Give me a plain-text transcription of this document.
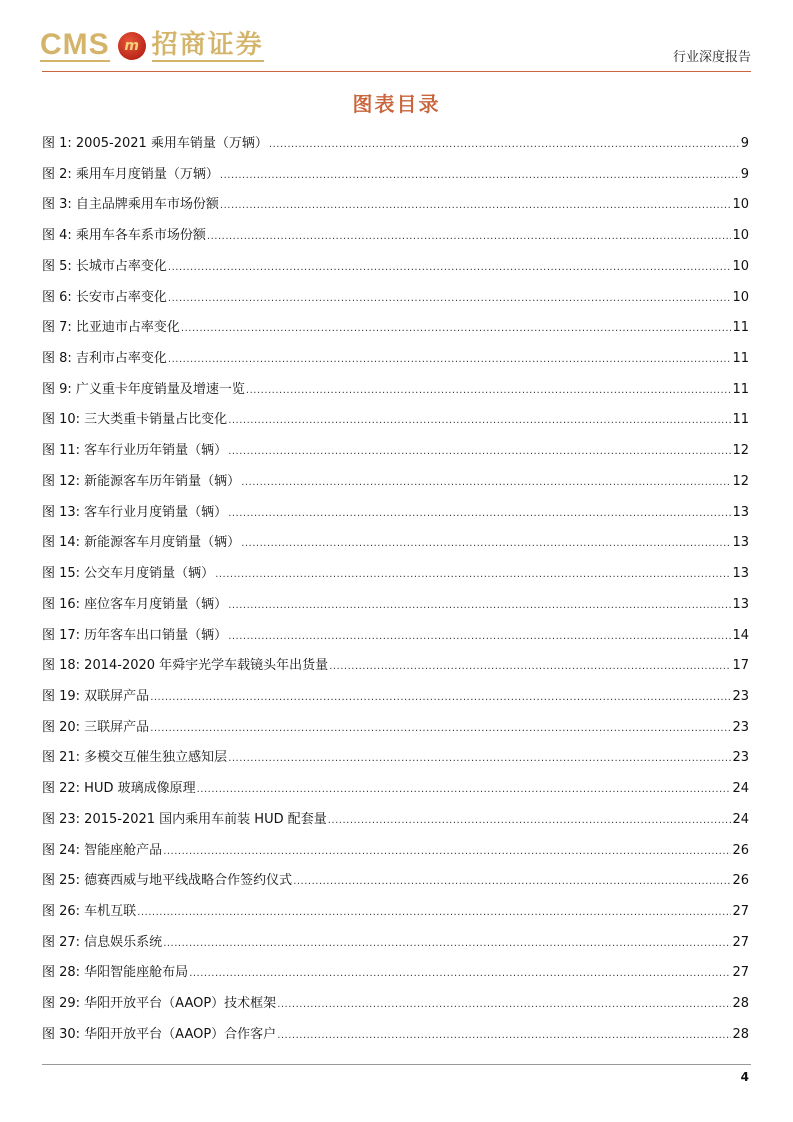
CMS	m 招商证券	行业深度报告
图表目录
图 1: 2005-2021 乘用车销量（万辆） .....	9
图 2: 乘用车月度销量（万辆） .....	9
图 3: 自主品牌乘用车市场份额 .....	10
图 4: 乘用车各车系市场份额 .....	10
图 5: 长城市占率变化 .....	10
图 6: 长安市占率变化 .....	10
图 7: 比亚迪市占率变化 .....	11
图 8: 吉利市占率变化 .....	11
图 9: 广义重卡年度销量及增速一览 .....	11
图 10: 三大类重卡销量占比变化 .....	11
图 11: 客车行业历年销量（辆） .....	12
图 12: 新能源客车历年销量（辆） .....	12
图 13: 客车行业月度销量（辆） .....	13
图 14: 新能源客车月度销量（辆） .....	13
图 15: 公交车月度销量（辆） .....	13
图 16: 座位客车月度销量（辆） .....	13
图 17: 历年客车出口销量（辆） .....	14
图 18: 2014-2020 年舜宇光学车载镜头年出货量 .....	17
图 19: 双联屏产品 .....	23
图 20: 三联屏产品 .....	23
图 21: 多模交互催生独立感知层 .....	23
图 22: HUD 玻璃成像原理 .....	24
图 23: 2015-2021 国内乘用车前装 HUD 配套量 .....	24
图 24: 智能座舱产品 .....	26
图 25: 德赛西威与地平线战略合作签约仪式 .....	26
图 26: 车机互联 .....	27
图 27: 信息娱乐系统 .....	27
图 28: 华阳智能座舱布局 .....	27
图 29: 华阳开放平台（AAOP）技术框架 .....	28
图 30: 华阳开放平台（AAOP）合作客户 .....	28
4
